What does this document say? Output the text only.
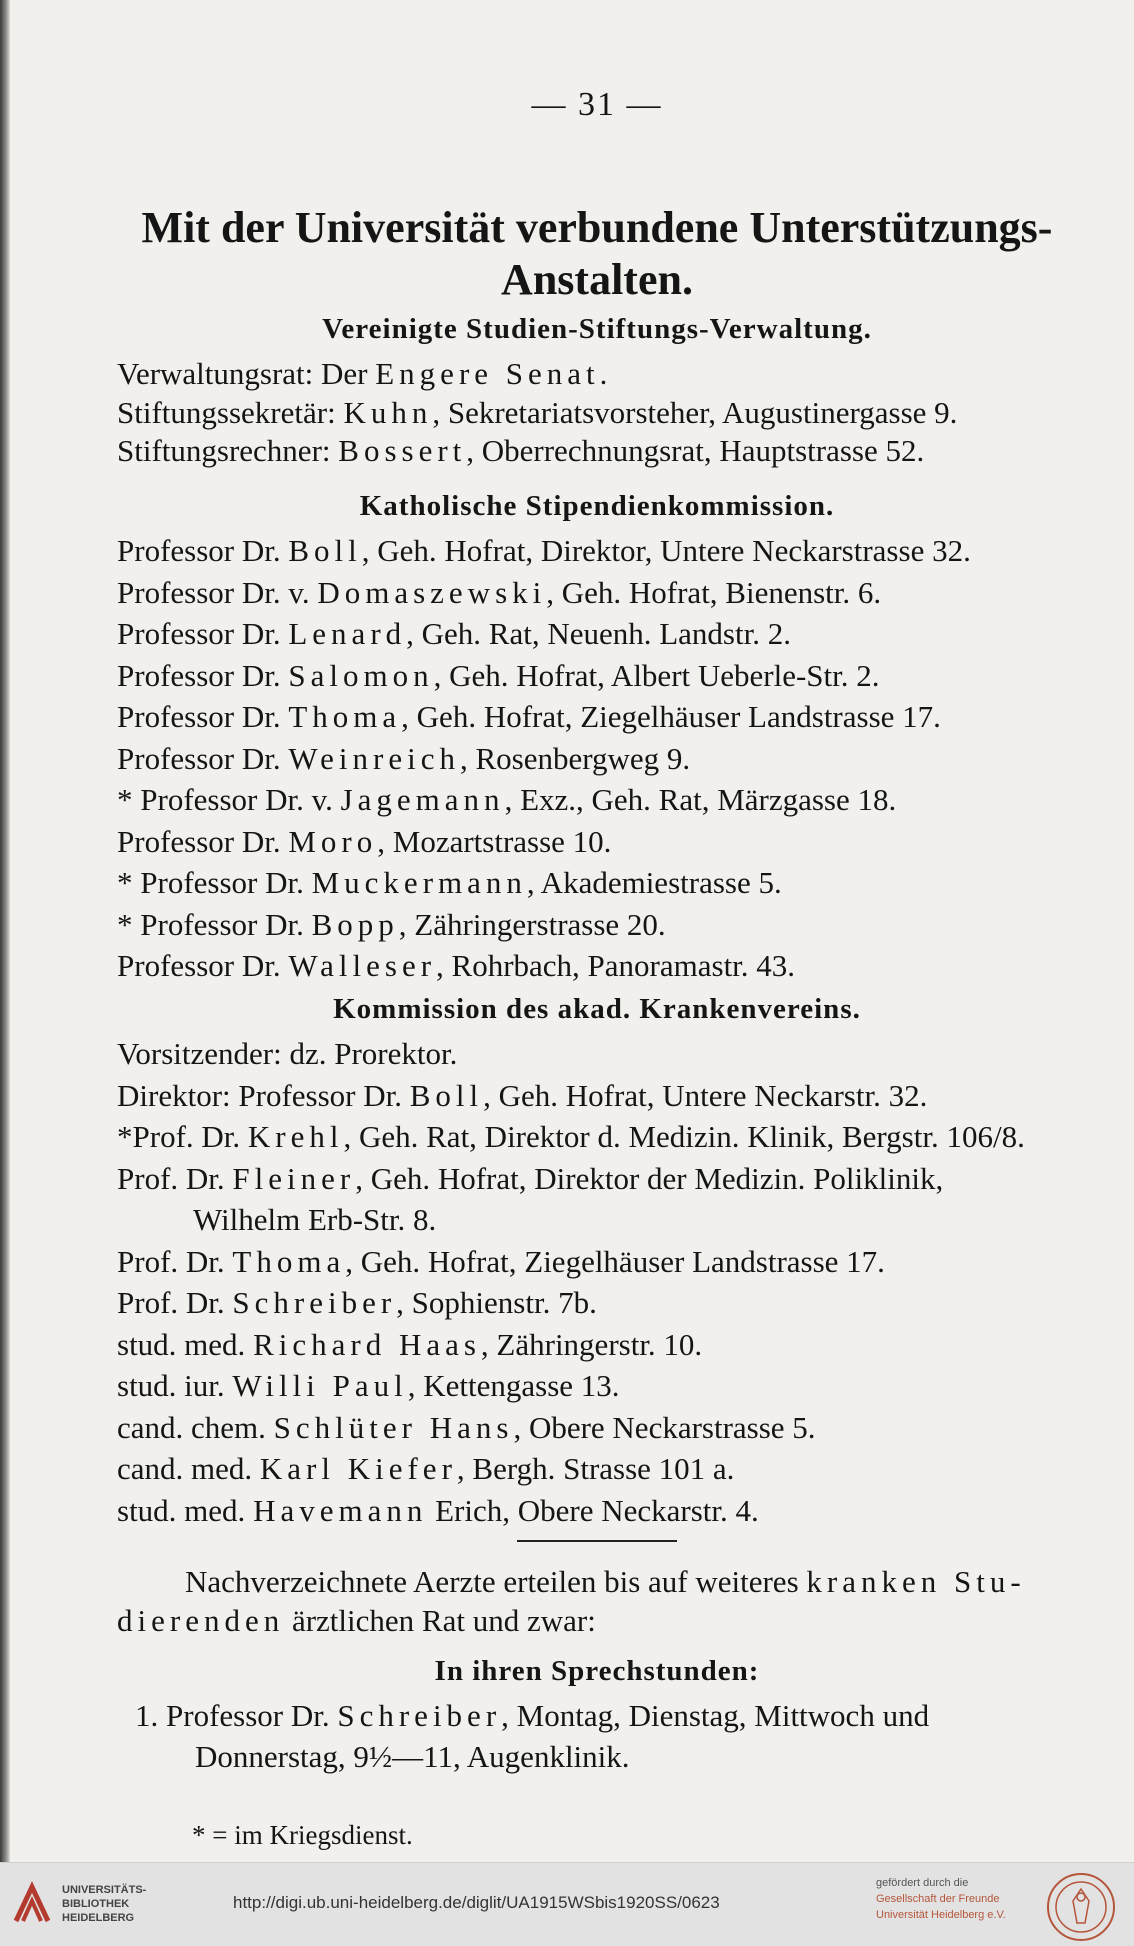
— 31 —
Mit der Universität verbundene Unterstützungs-
Anstalten.
Vereinigte Studien-Stiftungs-Verwaltung.
Verwaltungsrat: Der Engere Senat.
Stiftungssekretär: Kuhn, Sekretariatsvorsteher, Augustinergasse 9.
Stiftungsrechner: Bossert, Oberrechnungsrat, Hauptstrasse 52.
Katholische Stipendienkommission.
Professor Dr. Boll, Geh. Hofrat, Direktor, Untere Neckarstrasse 32.
Professor Dr. v. Domaszewski, Geh. Hofrat, Bienenstr. 6.
Professor Dr. Lenard, Geh. Rat, Neuenh. Landstr. 2.
Professor Dr. Salomon, Geh. Hofrat, Albert Ueberle-Str. 2.
Professor Dr. Thoma, Geh. Hofrat, Ziegelhäuser Landstrasse 17.
Professor Dr. Weinreich, Rosenbergweg 9.
* Professor Dr. v. Jagemann, Exz., Geh. Rat, Märzgasse 18.
Professor Dr. Moro, Mozartstrasse 10.
* Professor Dr. Muckermann, Akademiestrasse 5.
* Professor Dr. Bopp, Zähringerstrasse 20.
Professor Dr. Walleser, Rohrbach, Panoramastr. 43.
Kommission des akad. Krankenvereins.
Vorsitzender: dz. Prorektor.
Direktor: Professor Dr. Boll, Geh. Hofrat, Untere Neckarstr. 32.
*Prof. Dr. Krehl, Geh. Rat, Direktor d. Medizin. Klinik, Bergstr. 106/8.
Prof. Dr. Fleiner, Geh. Hofrat, Direktor der Medizin. Poliklinik,
Wilhelm Erb-Str. 8.
Prof. Dr. Thoma, Geh. Hofrat, Ziegelhäuser Landstrasse 17.
Prof. Dr. Schreiber, Sophienstr. 7b.
stud. med. Richard Haas, Zähringerstr. 10.
stud. iur. Willi Paul, Kettengasse 13.
cand. chem. Schlüter Hans, Obere Neckarstrasse 5.
cand. med. Karl Kiefer, Bergh. Strasse 101 a.
stud. med. Havemann Erich, Obere Neckarstr. 4.
Nachverzeichnete Aerzte erteilen bis auf weiteres kranken Stu-
dierenden ärztlichen Rat und zwar:
In ihren Sprechstunden:
1. Professor Dr. Schreiber, Montag, Dienstag, Mittwoch und
Donnerstag, 9½—11, Augenklinik.
* = im Kriegsdienst.
UNIVERSITÄTS-
BIBLIOTHEK
HEIDELBERG
http://digi.ub.uni-heidelberg.de/diglit/UA1915WSbis1920SS/0623
gefördert durch die
Gesellschaft der Freunde
Universität Heidelberg e.V.
